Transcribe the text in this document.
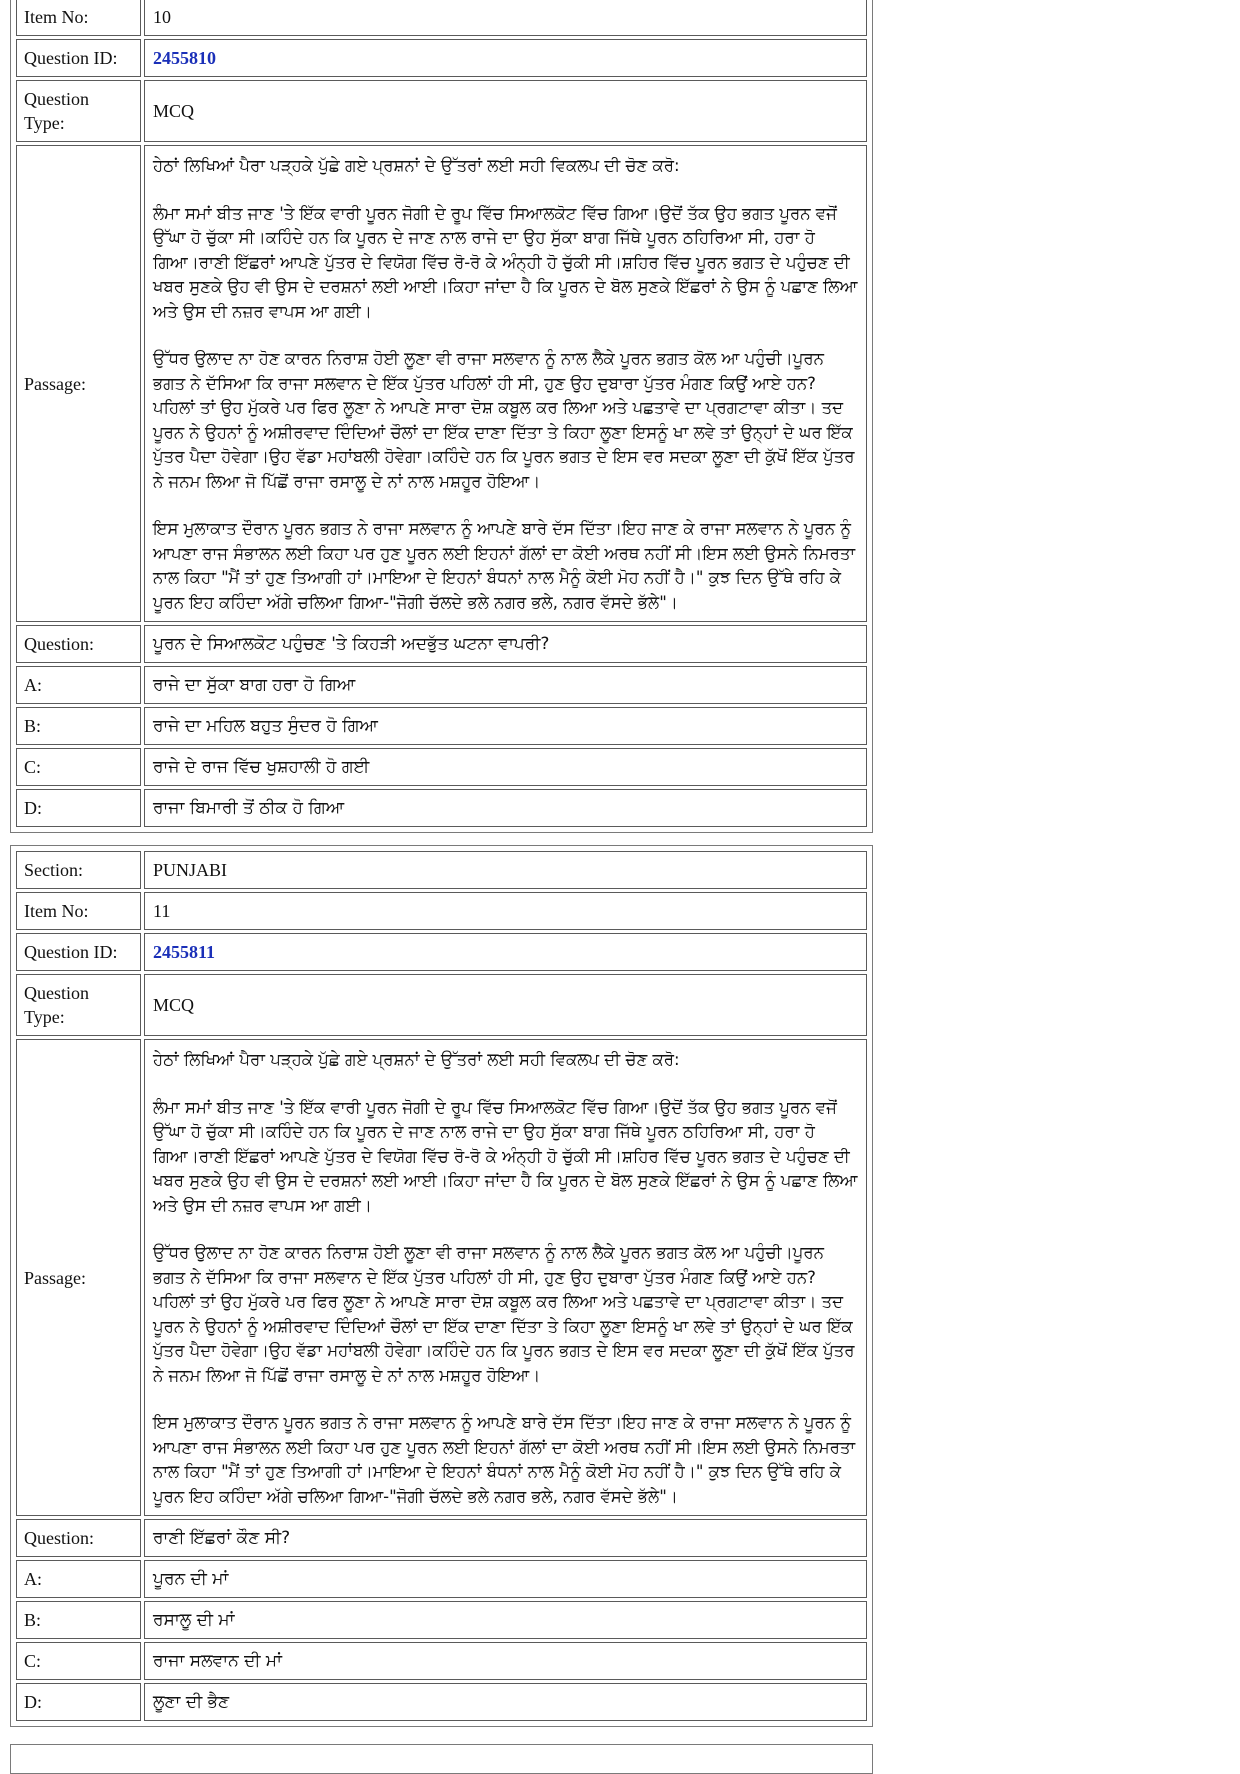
Item No:	10
Question ID:	2455810
Question Type:	MCQ
Passage:	ਹੇਠਾਂ ਲਿਖਿਆਂ ਪੈਰਾ ਪੜ੍ਹਕੇ ਪੁੱਛੇ ਗਏ ਪ੍ਰਸ਼ਨਾਂ ਦੇ ਉੱਤਰਾਂ ਲਈ ਸਹੀ ਵਿਕਲਪ ਦੀ ਚੋਣ ਕਰੋ:

ਲੰਮਾ ਸਮਾਂ ਬੀਤ ਜਾਣ 'ਤੇ ਇੱਕ ਵਾਰੀ ਪੂਰਨ ਜੋਗੀ ਦੇ ਰੂਪ ਵਿੱਚ ਸਿਆਲਕੋਟ ਵਿੱਚ ਗਿਆ।ਉਦੋਂ ਤੱਕ ਉਹ ਭਗਤ ਪੂਰਨ ਵਜੋਂ ਉੱਘਾ ਹੋ ਚੁੱਕਾ ਸੀ।ਕਹਿੰਦੇ ਹਨ ਕਿ ਪੂਰਨ ਦੇ ਜਾਣ ਨਾਲ ਰਾਜੇ ਦਾ ਉਹ ਸੁੱਕਾ ਬਾਗ ਜਿੱਥੇ ਪੂਰਨ ਠਹਿਰਿਆ ਸੀ, ਹਰਾ ਹੋ ਗਿਆ।ਰਾਣੀ ਇੱਛਰਾਂ ਆਪਣੇ ਪੁੱਤਰ ਦੇ ਵਿਯੋਗ ਵਿੱਚ ਰੋ-ਰੋ ਕੇ ਅੰਨ੍ਹੀ ਹੋ ਚੁੱਕੀ ਸੀ।ਸ਼ਹਿਰ ਵਿੱਚ ਪੂਰਨ ਭਗਤ ਦੇ ਪਹੁੰਚਣ ਦੀ ਖਬਰ ਸੁਣਕੇ ਉਹ ਵੀ ਉਸ ਦੇ ਦਰਸ਼ਨਾਂ ਲਈ ਆਈ।ਕਿਹਾ ਜਾਂਦਾ ਹੈ ਕਿ ਪੂਰਨ ਦੇ ਬੋਲ ਸੁਣਕੇ ਇੱਛਰਾਂ ਨੇ ਉਸ ਨੂੰ ਪਛਾਣ ਲਿਆ ਅਤੇ ਉਸ ਦੀ ਨਜ਼ਰ ਵਾਪਸ ਆ ਗਈ।

ਉੱਧਰ ਉਲਾਦ ਨਾ ਹੋਣ ਕਾਰਨ ਨਿਰਾਸ਼ ਹੋਈ ਲੂਣਾ ਵੀ ਰਾਜਾ ਸਲਵਾਨ ਨੂੰ ਨਾਲ ਲੈਕੇ ਪੂਰਨ ਭਗਤ ਕੋਲ ਆ ਪਹੁੰਚੀ।ਪੂਰਨ ਭਗਤ ਨੇ ਦੱਸਿਆ ਕਿ ਰਾਜਾ ਸਲਵਾਨ ਦੇ ਇੱਕ ਪੁੱਤਰ ਪਹਿਲਾਂ ਹੀ ਸੀ, ਹੁਣ ਉਹ ਦੁਬਾਰਾ ਪੁੱਤਰ ਮੰਗਣ ਕਿਉਂ ਆਏ ਹਨ? ਪਹਿਲਾਂ ਤਾਂ ਉਹ ਮੁੱਕਰੇ ਪਰ ਫਿਰ ਲੂਣਾ ਨੇ ਆਪਣੇ ਸਾਰਾ ਦੋਸ਼ ਕਬੂਲ ਕਰ ਲਿਆ ਅਤੇ ਪਛਤਾਵੇ ਦਾ ਪ੍ਰਗਟਾਵਾ ਕੀਤਾ। ਤਦ ਪੂਰਨ ਨੇ ਉਹਨਾਂ ਨੂੰ ਅਸ਼ੀਰਵਾਦ ਦਿੰਦਿਆਂ ਚੌਲਾਂ ਦਾ ਇੱਕ ਦਾਣਾ ਦਿੱਤਾ ਤੇ ਕਿਹਾ ਲੂਣਾ ਇਸਨੂੰ ਖਾ ਲਵੇ ਤਾਂ ਉਨ੍ਹਾਂ ਦੇ ਘਰ ਇੱਕ ਪੁੱਤਰ ਪੈਦਾ ਹੋਵੇਗਾ।ਉਹ ਵੱਡਾ ਮਹਾਂਬਲੀ ਹੋਵੇਗਾ।ਕਹਿੰਦੇ ਹਨ ਕਿ ਪੂਰਨ ਭਗਤ ਦੇ ਇਸ ਵਰ ਸਦਕਾ ਲੂਣਾ ਦੀ ਕੁੱਖੋਂ ਇੱਕ ਪੁੱਤਰ ਨੇ ਜਨਮ ਲਿਆ ਜੋ ਪਿੱਛੋਂ ਰਾਜਾ ਰਸਾਲੂ ਦੇ ਨਾਂ ਨਾਲ ਮਸ਼ਹੂਰ ਹੋਇਆ।

ਇਸ ਮੁਲਾਕਾਤ ਦੌਰਾਨ ਪੂਰਨ ਭਗਤ ਨੇ ਰਾਜਾ ਸਲਵਾਨ ਨੂੰ ਆਪਣੇ ਬਾਰੇ ਦੱਸ ਦਿੱਤਾ।ਇਹ ਜਾਣ ਕੇ ਰਾਜਾ ਸਲਵਾਨ ਨੇ ਪੂਰਨ ਨੂੰ ਆਪਣਾ ਰਾਜ ਸੰਭਾਲਨ ਲਈ ਕਿਹਾ ਪਰ ਹੁਣ ਪੂਰਨ ਲਈ ਇਹਨਾਂ ਗੱਲਾਂ ਦਾ ਕੋਈ ਅਰਥ ਨਹੀਂ ਸੀ।ਇਸ ਲਈ ਉਸਨੇ ਨਿਮਰਤਾ ਨਾਲ ਕਿਹਾ "ਮੈਂ ਤਾਂ ਹੁਣ ਤਿਆਗੀ ਹਾਂ।ਮਾਇਆ ਦੇ ਇਹਨਾਂ ਬੰਧਨਾਂ ਨਾਲ ਮੈਨੂੰ ਕੋਈ ਮੋਹ ਨਹੀਂ ਹੈ।" ਕੁਝ ਦਿਨ ਉੱਥੇ ਰਹਿ ਕੇ ਪੂਰਨ ਇਹ ਕਹਿੰਦਾ ਅੱਗੇ ਚਲਿਆ ਗਿਆ-"ਜੋਗੀ ਚੱਲਦੇ ਭਲੇ ਨਗਰ ਭਲੇ, ਨਗਰ ਵੱਸਦੇ ਭੱਲੇ"।

Question:	ਪੂਰਨ ਦੇ ਸਿਆਲਕੋਟ ਪਹੁੰਚਣ 'ਤੇ ਕਿਹੜੀ ਅਦਭੁੱਤ ਘਟਨਾ ਵਾਪਰੀ?
A:	ਰਾਜੇ ਦਾ ਸੁੱਕਾ ਬਾਗ ਹਰਾ ਹੋ ਗਿਆ
B:	ਰਾਜੇ ਦਾ ਮਹਿਲ ਬਹੁਤ ਸੁੰਦਰ ਹੋ ਗਿਆ
C:	ਰਾਜੇ ਦੇ ਰਾਜ ਵਿੱਚ ਖੁਸ਼ਹਾਲੀ ਹੋ ਗਈ
D:	ਰਾਜਾ ਬਿਮਾਰੀ ਤੋਂ ਠੀਕ ਹੋ ਗਿਆ
Section:	PUNJABI
Item No:	11
Question ID:	2455811
Question Type:	MCQ
Passage:	ਹੇਠਾਂ ਲਿਖਿਆਂ ਪੈਰਾ ਪੜ੍ਹਕੇ ਪੁੱਛੇ ਗਏ ਪ੍ਰਸ਼ਨਾਂ ਦੇ ਉੱਤਰਾਂ ਲਈ ਸਹੀ ਵਿਕਲਪ ਦੀ ਚੋਣ ਕਰੋ:

ਲੰਮਾ ਸਮਾਂ ਬੀਤ ਜਾਣ 'ਤੇ ਇੱਕ ਵਾਰੀ ਪੂਰਨ ਜੋਗੀ ਦੇ ਰੂਪ ਵਿੱਚ ਸਿਆਲਕੋਟ ਵਿੱਚ ਗਿਆ।ਉਦੋਂ ਤੱਕ ਉਹ ਭਗਤ ਪੂਰਨ ਵਜੋਂ ਉੱਘਾ ਹੋ ਚੁੱਕਾ ਸੀ।ਕਹਿੰਦੇ ਹਨ ਕਿ ਪੂਰਨ ਦੇ ਜਾਣ ਨਾਲ ਰਾਜੇ ਦਾ ਉਹ ਸੁੱਕਾ ਬਾਗ ਜਿੱਥੇ ਪੂਰਨ ਠਹਿਰਿਆ ਸੀ, ਹਰਾ ਹੋ ਗਿਆ।ਰਾਣੀ ਇੱਛਰਾਂ ਆਪਣੇ ਪੁੱਤਰ ਦੇ ਵਿਯੋਗ ਵਿੱਚ ਰੋ-ਰੋ ਕੇ ਅੰਨ੍ਹੀ ਹੋ ਚੁੱਕੀ ਸੀ।ਸ਼ਹਿਰ ਵਿੱਚ ਪੂਰਨ ਭਗਤ ਦੇ ਪਹੁੰਚਣ ਦੀ ਖਬਰ ਸੁਣਕੇ ਉਹ ਵੀ ਉਸ ਦੇ ਦਰਸ਼ਨਾਂ ਲਈ ਆਈ।ਕਿਹਾ ਜਾਂਦਾ ਹੈ ਕਿ ਪੂਰਨ ਦੇ ਬੋਲ ਸੁਣਕੇ ਇੱਛਰਾਂ ਨੇ ਉਸ ਨੂੰ ਪਛਾਣ ਲਿਆ ਅਤੇ ਉਸ ਦੀ ਨਜ਼ਰ ਵਾਪਸ ਆ ਗਈ।

ਉੱਧਰ ਉਲਾਦ ਨਾ ਹੋਣ ਕਾਰਨ ਨਿਰਾਸ਼ ਹੋਈ ਲੂਣਾ ਵੀ ਰਾਜਾ ਸਲਵਾਨ ਨੂੰ ਨਾਲ ਲੈਕੇ ਪੂਰਨ ਭਗਤ ਕੋਲ ਆ ਪਹੁੰਚੀ।ਪੂਰਨ ਭਗਤ ਨੇ ਦੱਸਿਆ ਕਿ ਰਾਜਾ ਸਲਵਾਨ ਦੇ ਇੱਕ ਪੁੱਤਰ ਪਹਿਲਾਂ ਹੀ ਸੀ, ਹੁਣ ਉਹ ਦੁਬਾਰਾ ਪੁੱਤਰ ਮੰਗਣ ਕਿਉਂ ਆਏ ਹਨ? ਪਹਿਲਾਂ ਤਾਂ ਉਹ ਮੁੱਕਰੇ ਪਰ ਫਿਰ ਲੂਣਾ ਨੇ ਆਪਣੇ ਸਾਰਾ ਦੋਸ਼ ਕਬੂਲ ਕਰ ਲਿਆ ਅਤੇ ਪਛਤਾਵੇ ਦਾ ਪ੍ਰਗਟਾਵਾ ਕੀਤਾ। ਤਦ ਪੂਰਨ ਨੇ ਉਹਨਾਂ ਨੂੰ ਅਸ਼ੀਰਵਾਦ ਦਿੰਦਿਆਂ ਚੌਲਾਂ ਦਾ ਇੱਕ ਦਾਣਾ ਦਿੱਤਾ ਤੇ ਕਿਹਾ ਲੂਣਾ ਇਸਨੂੰ ਖਾ ਲਵੇ ਤਾਂ ਉਨ੍ਹਾਂ ਦੇ ਘਰ ਇੱਕ ਪੁੱਤਰ ਪੈਦਾ ਹੋਵੇਗਾ।ਉਹ ਵੱਡਾ ਮਹਾਂਬਲੀ ਹੋਵੇਗਾ।ਕਹਿੰਦੇ ਹਨ ਕਿ ਪੂਰਨ ਭਗਤ ਦੇ ਇਸ ਵਰ ਸਦਕਾ ਲੂਣਾ ਦੀ ਕੁੱਖੋਂ ਇੱਕ ਪੁੱਤਰ ਨੇ ਜਨਮ ਲਿਆ ਜੋ ਪਿੱਛੋਂ ਰਾਜਾ ਰਸਾਲੂ ਦੇ ਨਾਂ ਨਾਲ ਮਸ਼ਹੂਰ ਹੋਇਆ।

ਇਸ ਮੁਲਾਕਾਤ ਦੌਰਾਨ ਪੂਰਨ ਭਗਤ ਨੇ ਰਾਜਾ ਸਲਵਾਨ ਨੂੰ ਆਪਣੇ ਬਾਰੇ ਦੱਸ ਦਿੱਤਾ।ਇਹ ਜਾਣ ਕੇ ਰਾਜਾ ਸਲਵਾਨ ਨੇ ਪੂਰਨ ਨੂੰ ਆਪਣਾ ਰਾਜ ਸੰਭਾਲਨ ਲਈ ਕਿਹਾ ਪਰ ਹੁਣ ਪੂਰਨ ਲਈ ਇਹਨਾਂ ਗੱਲਾਂ ਦਾ ਕੋਈ ਅਰਥ ਨਹੀਂ ਸੀ।ਇਸ ਲਈ ਉਸਨੇ ਨਿਮਰਤਾ ਨਾਲ ਕਿਹਾ "ਮੈਂ ਤਾਂ ਹੁਣ ਤਿਆਗੀ ਹਾਂ।ਮਾਇਆ ਦੇ ਇਹਨਾਂ ਬੰਧਨਾਂ ਨਾਲ ਮੈਨੂੰ ਕੋਈ ਮੋਹ ਨਹੀਂ ਹੈ।" ਕੁਝ ਦਿਨ ਉੱਥੇ ਰਹਿ ਕੇ ਪੂਰਨ ਇਹ ਕਹਿੰਦਾ ਅੱਗੇ ਚਲਿਆ ਗਿਆ-"ਜੋਗੀ ਚੱਲਦੇ ਭਲੇ ਨਗਰ ਭਲੇ, ਨਗਰ ਵੱਸਦੇ ਭੱਲੇ"।

Question:	ਰਾਣੀ ਇੱਛਰਾਂ ਕੌਣ ਸੀ?
A:	ਪੂਰਨ ਦੀ ਮਾਂ
B:	ਰਸਾਲੂ ਦੀ ਮਾਂ
C:	ਰਾਜਾ ਸਲਵਾਨ ਦੀ ਮਾਂ
D:	ਲੂਣਾ ਦੀ ਭੈਣ
